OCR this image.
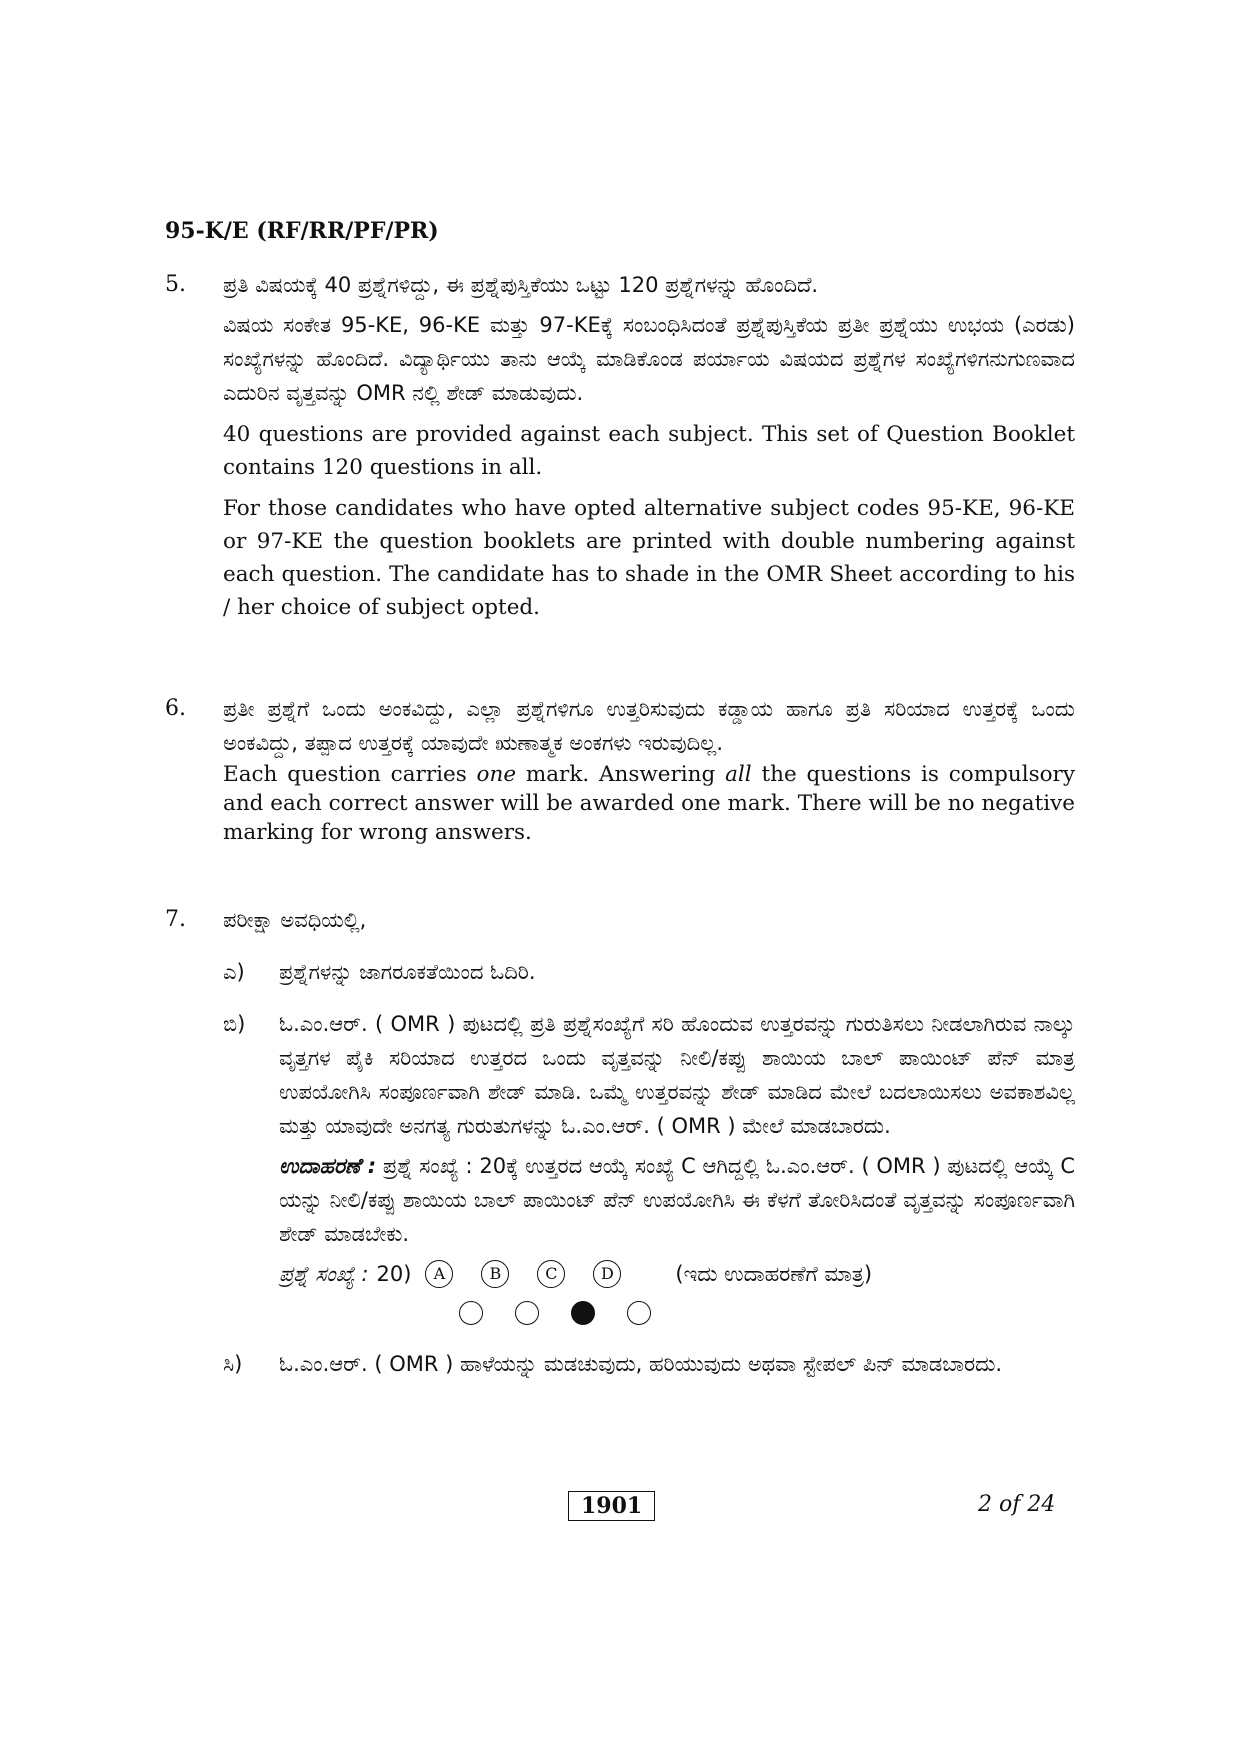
95-K/E (RF/RR/PF/PR)
5. ಪ್ರತಿ ವಿಷಯಕ್ಕೆ 40 ಪ್ರಶ್ನೆಗಳಿದ್ದು, ಈ ಪ್ರಶ್ನೆಪುಸ್ತಿಕೆಯು ಒಟ್ಟು 120 ಪ್ರಶ್ನೆಗಳನ್ನು ಹೊಂದಿದೆ.

ವಿಷಯ ಸಂಕೇತ 95-KE, 96-KE ಮತ್ತು 97-KEಕ್ಕೆ ಸಂಬಂಧಿಸಿದಂತೆ ಪ್ರಶ್ನೆಪುಸ್ತಿಕೆಯ ಪ್ರತೀ ಪ್ರಶ್ನೆಯು ಉಭಯ (ಎರಡು) ಸಂಖ್ಯೆಗಳನ್ನು ಹೊಂದಿದೆ. ವಿದ್ಯಾರ್ಥಿಯು ತಾನು ಆಯ್ಕೆ ಮಾಡಿಕೊಂಡ ಪರ್ಯಾಯ ವಿಷಯದ ಪ್ರಶ್ನೆಗಳ ಸಂಖ್ಯೆಗಳಿಗನುಗುಣವಾದ ಎದುರಿನ ವೃತ್ತವನ್ನು OMR ನಲ್ಲಿ ಶೇಡ್ ಮಾಡುವುದು.

40 questions are provided against each subject. This set of Question Booklet contains 120 questions in all.

For those candidates who have opted alternative subject codes 95-KE, 96-KE or 97-KE the question booklets are printed with double numbering against each question. The candidate has to shade in the OMR Sheet according to his / her choice of subject opted.

6. ಪ್ರತೀ ಪ್ರಶ್ನೆಗೆ ಒಂದು ಅಂಕವಿದ್ದು, ಎಲ್ಲಾ ಪ್ರಶ್ನೆಗಳಿಗೂ ಉತ್ತರಿಸುವುದು ಕಡ್ಡಾಯ ಹಾಗೂ ಪ್ರತಿ ಸರಿಯಾದ ಉತ್ತರಕ್ಕೆ ಒಂದು ಅಂಕವಿದ್ದು, ತಪ್ಪಾದ ಉತ್ತರಕ್ಕೆ ಯಾವುದೇ ಋಣಾತ್ಮಕ ಅಂಕಗಳು ಇರುವುದಿಲ್ಲ.

Each question carries one mark. Answering all the questions is compulsory and each correct answer will be awarded one mark. There will be no negative marking for wrong answers.

7. ಪರೀಕ್ಷಾ ಅವಧಿಯಲ್ಲಿ,

ಎ) ಪ್ರಶ್ನೆಗಳನ್ನು ಜಾಗರೂಕತೆಯಿಂದ ಓದಿರಿ.

ಬಿ) ಓ.ಎಂ.ಆರ್. ( OMR ) ಪುಟದಲ್ಲಿ ಪ್ರತಿ ಪ್ರಶ್ನೆಸಂಖ್ಯೆಗೆ ಸರಿ ಹೊಂದುವ ಉತ್ತರವನ್ನು ಗುರುತಿಸಲು ನೀಡಲಾಗಿರುವ ನಾಲ್ಕು ವೃತ್ತಗಳ ಪೈಕಿ ಸರಿಯಾದ ಉತ್ತರದ ಒಂದು ವೃತ್ತವನ್ನು ನೀಲಿ/ಕಪ್ಪು ಶಾಯಿಯ ಬಾಲ್ ಪಾಯಿಂಟ್ ಪೆನ್ ಮಾತ್ರ ಉಪಯೋಗಿಸಿ ಸಂಪೂರ್ಣವಾಗಿ ಶೇಡ್ ಮಾಡಿ. ಒಮ್ಮೆ ಉತ್ತರವನ್ನು ಶೇಡ್ ಮಾಡಿದ ಮೇಲೆ ಬದಲಾಯಿಸಲು ಅವಕಾಶವಿಲ್ಲ ಮತ್ತು ಯಾವುದೇ ಅನಗತ್ಯ ಗುರುತುಗಳನ್ನು ಓ.ಎಂ.ಆರ್. ( OMR ) ಮೇಲೆ ಮಾಡಬಾರದು.

ಉದಾಹರಣೆ : ಪ್ರಶ್ನೆ ಸಂಖ್ಯೆ : 20ಕ್ಕೆ ಉತ್ತರದ ಆಯ್ಕೆ ಸಂಖ್ಯೆ C ಆಗಿದ್ದಲ್ಲಿ ಓ.ಎಂ.ಆರ್. ( OMR ) ಪುಟದಲ್ಲಿ ಆಯ್ಕೆ C ಯನ್ನು ನೀಲಿ/ಕಪ್ಪು ಶಾಯಿಯ ಬಾಲ್ ಪಾಯಿಂಟ್ ಪೆನ್ ಉಪಯೋಗಿಸಿ ಈ ಕೆಳಗೆ ತೋರಿಸಿದಂತೆ ವೃತ್ತವನ್ನು ಸಂಪೂರ್ಣವಾಗಿ ಶೇಡ್ ಮಾಡಬೇಕು.

ಪ್ರಶ್ನೆ ಸಂಖ್ಯೆ : 20)	A	B	C	D	(ಇದು ಉದಾಹರಣೆಗೆ ಮಾತ್ರ)
ಸಿ) ಓ.ಎಂ.ಆರ್. ( OMR ) ಹಾಳೆಯನ್ನು ಮಡಚುವುದು, ಹರಿಯುವುದು ಅಥವಾ ಸ್ಟೇಪಲ್ ಪಿನ್ ಮಾಡಬಾರದು.

1901	2 of 24
